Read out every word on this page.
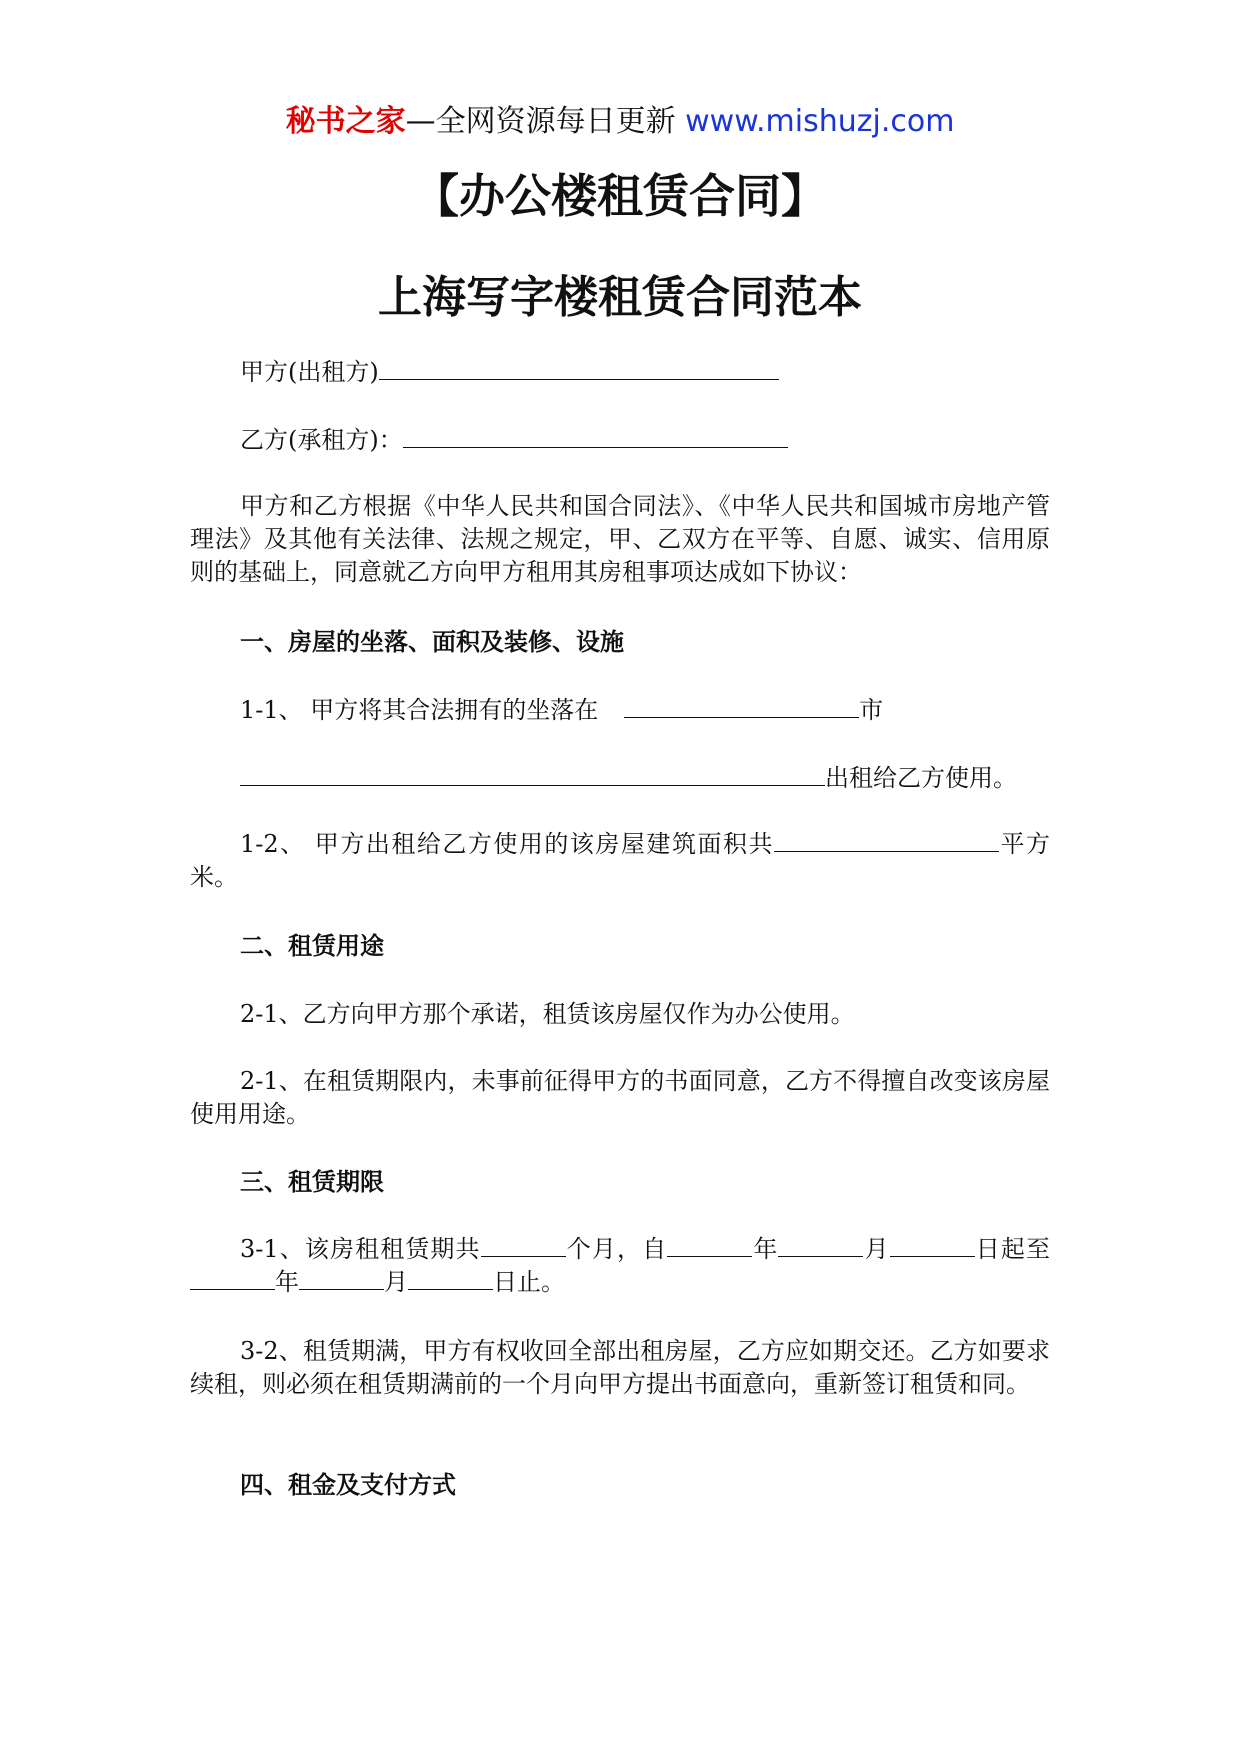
秘书之家—全网资源每日更新 www.mishuzj.com
【办公楼租赁合同】
上海写字楼租赁合同范本
甲方(出租方)
乙方(承租方)：
甲方和乙方根据《中华人民共和国合同法》、《中华人民共和国城市房地产管理法》及其他有关法律、法规之规定，甲、乙双方在平等、自愿、诚实、信用原则的基础上，同意就乙方向甲方租用其房租事项达成如下协议：
一、房屋的坐落、面积及装修、设施
1-1、 甲方将其合法拥有的坐落在	市
出租给乙方使用。
1-2、 甲方出租给乙方使用的该房屋建筑面积共	平方米。
二、租赁用途
2-1、乙方向甲方那个承诺，租赁该房屋仅作为办公使用。
2-1、在租赁期限内，未事前征得甲方的书面同意，乙方不得擅自改变该房屋使用用途。
三、租赁期限
3-1、该房租租赁期共	个月，自	年	月	日起至年	月	日止。
3-2、租赁期满，甲方有权收回全部出租房屋，乙方应如期交还。乙方如要求续租，则必须在租赁期满前的一个月向甲方提出书面意向，重新签订租赁和同。
四、租金及支付方式
